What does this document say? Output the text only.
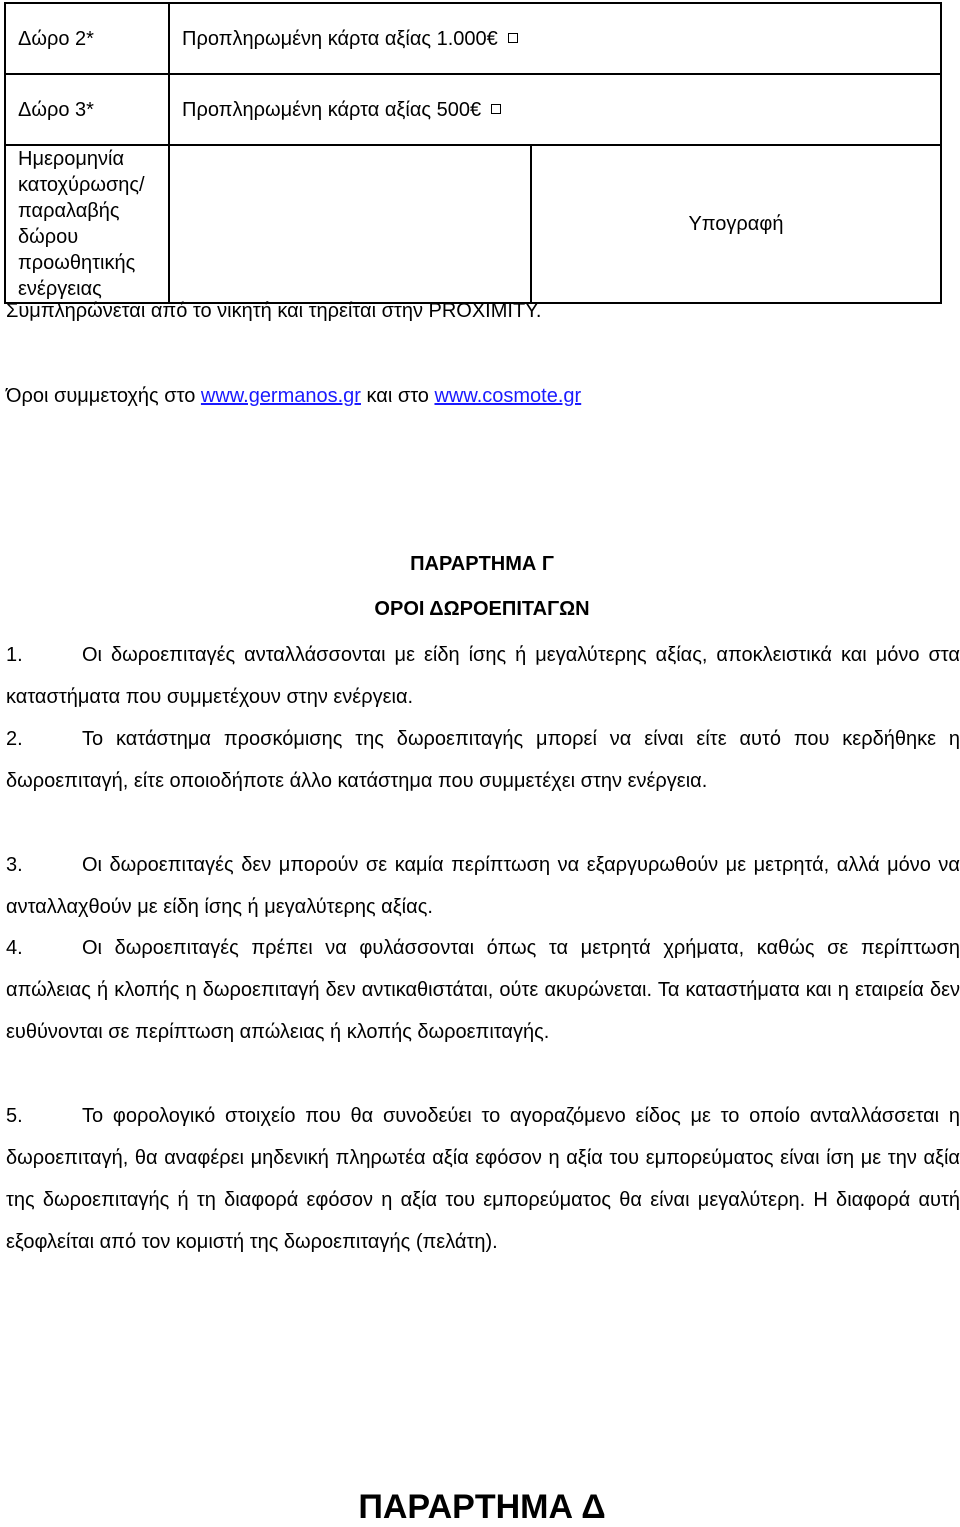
Δώρο 2*	Προπληρωμένη κάρτα αξίας 1.000€	
Δώρο 3*	Προπληρωμένη κάρτα αξίας 500€	
Ημερομηνία κατοχύρωσης/παραλαβής δώρου προωθητικής ενέργειας		Υπογραφή

Συμπληρώνεται από το νικητή και τηρείται στην PROXIMITY.

Όροι συμμετοχής στο www.germanos.gr και στο www.cosmote.gr

ΠΑΡΑΡΤΗΜΑ Γ

ΟΡΟΙ ΔΩΡΟΕΠΙΤΑΓΩΝ

1.	Οι δωροεπιταγές ανταλλάσσονται με είδη ίσης ή μεγαλύτερης αξίας, αποκλειστικά και μόνο στα καταστήματα που συμμετέχουν στην ενέργεια.

2.	Το κατάστημα προσκόμισης της δωροεπιταγής μπορεί να είναι είτε αυτό που κερδήθηκε η δωροεπιταγή, είτε οποιοδήποτε άλλο κατάστημα που συμμετέχει στην ενέργεια.

3.	Οι δωροεπιταγές δεν μπορούν σε καμία περίπτωση να εξαργυρωθούν με μετρητά, αλλά μόνο να ανταλλαχθούν με είδη ίσης ή μεγαλύτερης αξίας.

4.	Οι δωροεπιταγές πρέπει να φυλάσσονται όπως τα μετρητά χρήματα, καθώς σε περίπτωση απώλειας ή κλοπής η δωροεπιταγή δεν αντικαθιστάται, ούτε ακυρώνεται. Τα καταστήματα και η εταιρεία δεν ευθύνονται σε περίπτωση απώλειας ή κλοπής δωροεπιταγής.

5.	Το φορολογικό στοιχείο που θα συνοδεύει το αγοραζόμενο είδος με το οποίο ανταλλάσσεται η δωροεπιταγή, θα αναφέρει μηδενική πληρωτέα αξία εφόσον η αξία του εμπορεύματος είναι ίση με την αξία της δωροεπιταγής ή τη διαφορά εφόσον η αξία του εμπορεύματος θα είναι μεγαλύτερη. Η διαφορά αυτή εξοφλείται από τον κομιστή της δωροεπιταγής (πελάτη).

ΠΑΡΑΡΤΗΜΑ Δ
